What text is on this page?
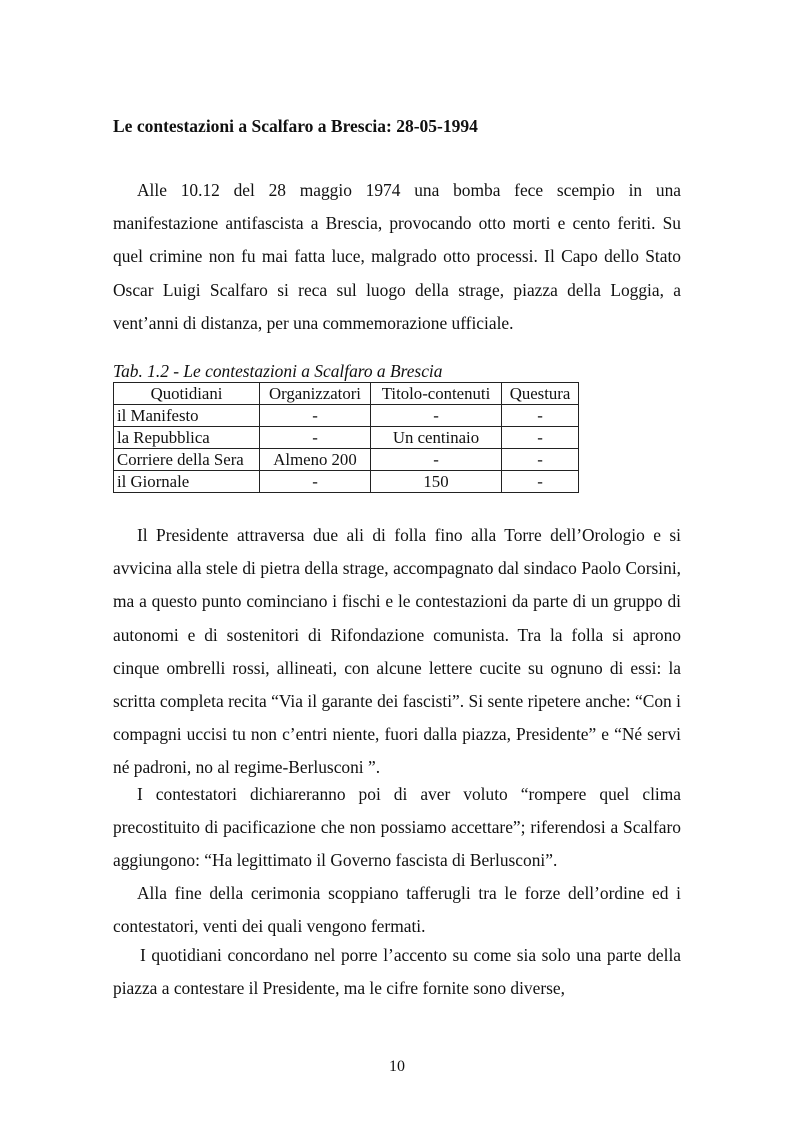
Le contestazioni a Scalfaro a Brescia: 28-05-1994

Alle 10.12 del 28 maggio 1974 una bomba fece scempio in una manifestazione antifascista a Brescia, provocando otto morti e cento feriti. Su quel crimine non fu mai fatta luce, malgrado otto processi. Il Capo dello Stato Oscar Luigi Scalfaro si reca sul luogo della strage, piazza della Loggia, a vent’anni di distanza, per una commemorazione ufficiale.

Tab. 1.2 - Le contestazioni a Scalfaro a Brescia
Quotidiani	Organizzatori	Titolo-contenuti	Questura
il Manifesto	-	-	-
la Repubblica	-	Un centinaio	-
Corriere della Sera	Almeno 200	-	-
il Giornale	-	150	-

Il Presidente attraversa due ali di folla fino alla Torre dell’Orologio e si avvicina alla stele di pietra della strage, accompagnato dal sindaco Paolo Corsini, ma a questo punto cominciano i fischi e le contestazioni da parte di un gruppo di autonomi e di sostenitori di Rifondazione comunista. Tra la folla si aprono cinque ombrelli rossi, allineati, con alcune lettere cucite su ognuno di essi: la scritta completa recita “Via il garante dei fascisti”. Si sente ripetere anche: “Con i compagni uccisi tu non c’entri niente, fuori dalla piazza, Presidente” e “Né servi né padroni, no al regime-Berlusconi ”.

I contestatori dichiareranno poi di aver voluto “rompere quel clima precostituito di pacificazione che non possiamo accettare”; riferendosi a Scalfaro aggiungono: “Ha legittimato il Governo fascista di Berlusconi”.

Alla fine della cerimonia scoppiano tafferugli tra le forze dell’ordine ed i contestatori, venti dei quali vengono fermati.

I quotidiani concordano nel porre l’accento su come sia solo una parte della piazza a contestare il Presidente, ma le cifre fornite sono diverse,

10
